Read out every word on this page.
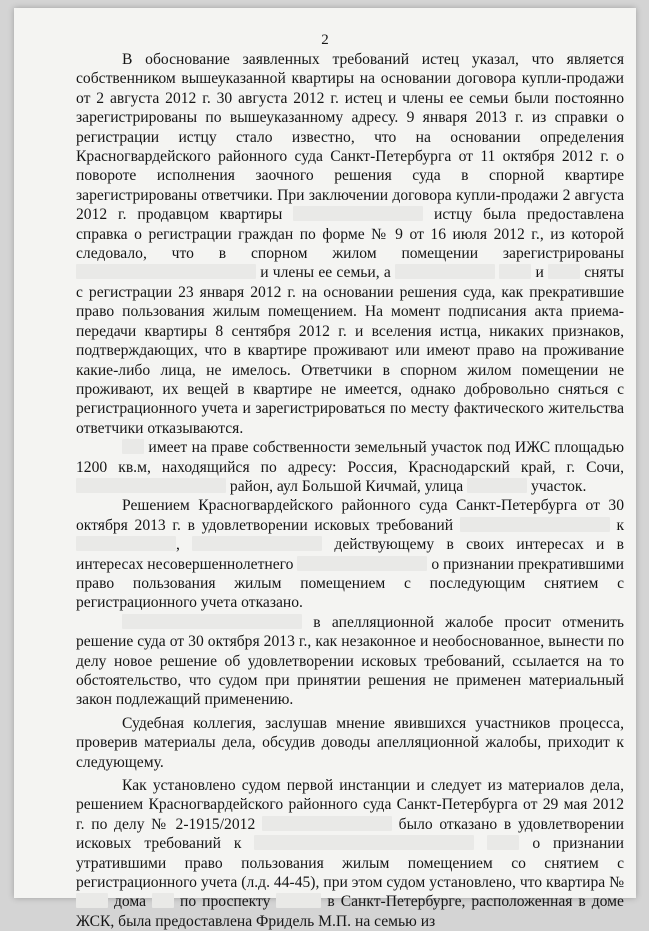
2

В обоснование заявленных требований истец указал, что является собственником вышеуказанной квартиры на основании договора купли-продажи от 2 августа 2012 г. 30 августа 2012 г. истец и члены ее семьи были постоянно зарегистрированы по вышеуказанному адресу. 9 января 2013 г. из справки о регистрации истцу стало известно, что на основании определения Красногвардейского районного суда Санкт-Петербурга от 11 октября 2012 г. о повороте исполнения заочного решения суда в спорной квартире зарегистрированы ответчики. При заключении договора купли-продажи 2 августа 2012 г. продавцом квартиры	истцу была предоставлена справка о регистрации граждан по форме № 9 от 16 июля 2012 г., из которой следовало, что в спорном жилом помещении зарегистрированы  и члены ее семьи, а	и	сняты с регистрации 23 января 2012 г. на основании решения суда, как прекратившие право пользования жилым помещением. На момент подписания акта приема-передачи квартиры 8 сентября 2012 г. и вселения истца, никаких признаков, подтверждающих, что в квартире проживают или имеют право на проживание какие-либо лица, не имелось. Ответчики в спорном жилом помещении не проживают, их вещей в квартире не имеется, однако добровольно сняться с регистрационного учета и зарегистрироваться по месту фактического жительства ответчики отказываются.

имеет на праве собственности земельный участок под ИЖС площадью 1200 кв.м, находящийся по адресу: Россия, Краснодарский край, г. Сочи,  район, аул Большой Кичмай, улица	участок.

Решением Красногвардейского районного суда Санкт-Петербурга от 30 октября 2013 г. в удовлетворении исковых требований	к ,	действующему в своих интересах и в интересах несовершеннолетнего	о признании прекратившими право пользования жилым помещением с последующим снятием с регистрационного учета отказано.

в апелляционной жалобе просит отменить решение суда от 30 октября 2013 г., как незаконное и необоснованное, вынести по делу новое решение об удовлетворении исковых требований, ссылается на то обстоятельство, что судом при принятии решения не применен материальный закон подлежащий применению.

Судебная коллегия, заслушав мнение явившихся участников процесса, проверив материалы дела, обсудив доводы апелляционной жалобы, приходит к следующему.

Как установлено судом первой инстанции и следует из материалов дела, решением Красногвардейского районного суда Санкт-Петербурга от 29 мая 2012 г. по делу № 2-1915/2012	было отказано в удовлетворении исковых требований к	о признании утратившими право пользования жилым помещением со снятием с регистрационного учета (л.д. 44-45), при этом судом установлено, что квартира №  дома по проспекту	в Санкт-Петербурге, расположенная в доме ЖСК, была предоставлена Фридель М.П. на семью из
